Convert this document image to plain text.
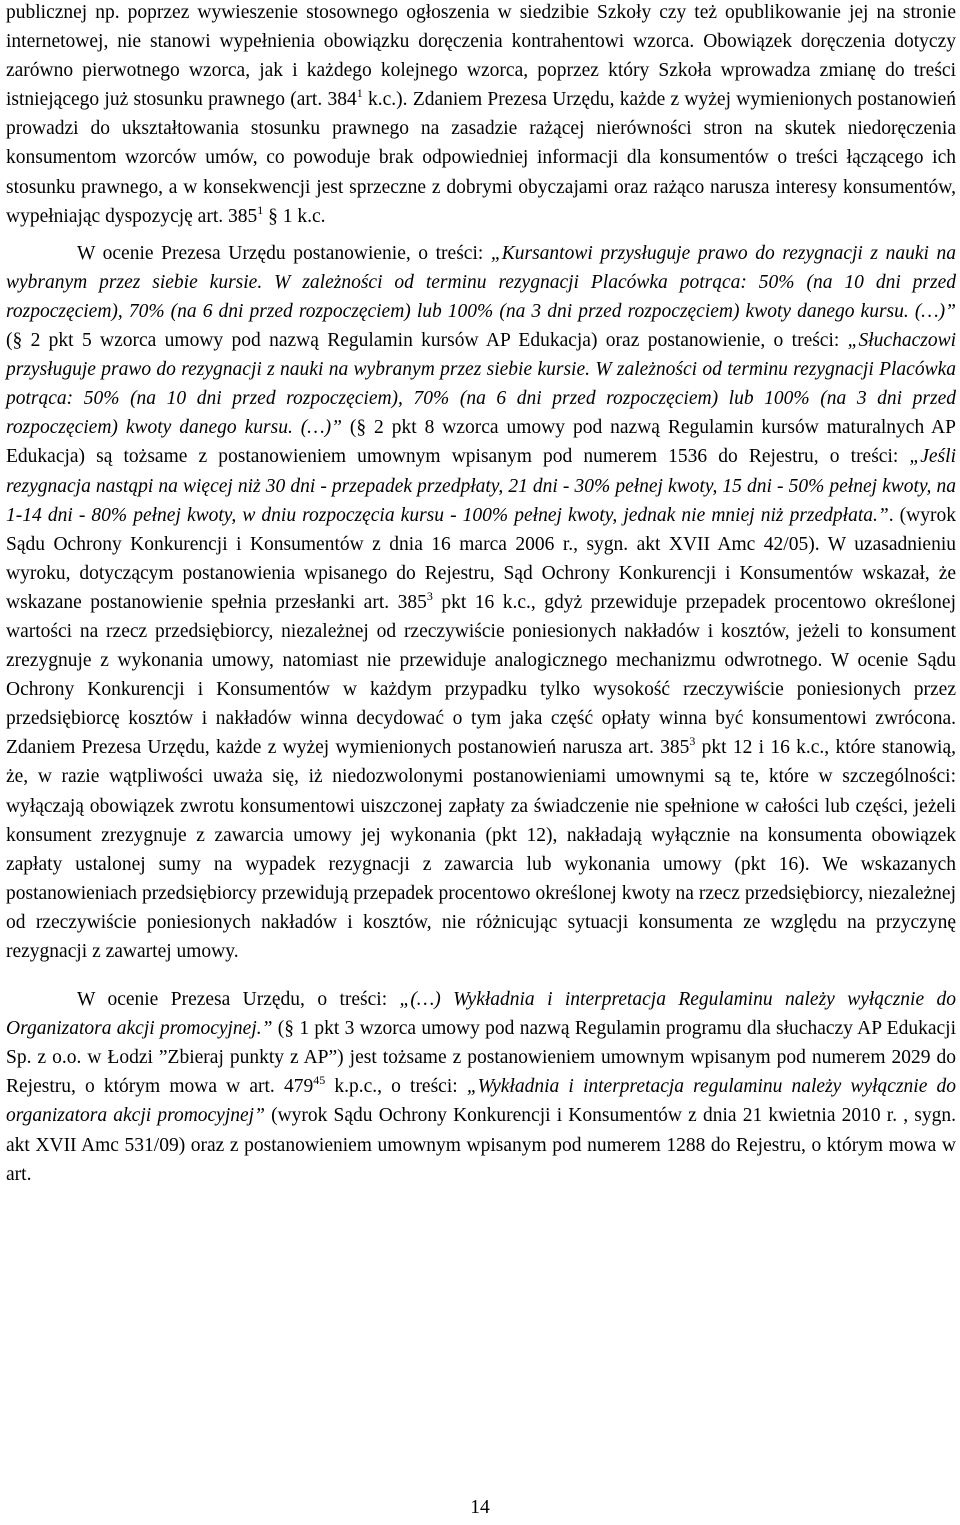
publicznej np. poprzez wywieszenie stosownego ogłoszenia w siedzibie Szkoły czy też opublikowanie jej na stronie internetowej, nie stanowi wypełnienia obowiązku doręczenia kontrahentowi wzorca. Obowiązek doręczenia dotyczy zarówno pierwotnego wzorca, jak i każdego kolejnego wzorca, poprzez który Szkoła wprowadza zmianę do treści istniejącego już stosunku prawnego (art. $384^1$ k.c.). Zdaniem Prezesa Urzędu, każde z wyżej wymienionych postanowień prowadzi do ukształtowania stosunku prawnego na zasadzie rażącej nierówności stron na skutek niedoręczenia konsumentom wzorców umów, co powoduje brak odpowiedniej informacji dla konsumentów o treści łączącego ich stosunku prawnego, a w konsekwencji jest sprzeczne z dobrymi obyczajami oraz rażąco narusza interesy konsumentów, wypełniając dyspozycję art. $385^1$ § 1 k.c.

W ocenie Prezesa Urzędu postanowienie, o treści: „Kursantowi przysługuje prawo do rezygnacji z nauki na wybranym przez siebie kursie. W zależności od terminu rezygnacji Placówka potrąca: 50% (na 10 dni przed rozpoczęciem), 70% (na 6 dni przed rozpoczęciem) lub 100% (na 3 dni przed rozpoczęciem) kwoty danego kursu. (…)” (§ 2 pkt 5 wzorca umowy pod nazwą Regulamin kursów AP Edukacja) oraz postanowienie, o treści: „Słuchaczowi przysługuje prawo do rezygnacji z nauki na wybranym przez siebie kursie. W zależności od terminu rezygnacji Placówka potrąca: 50% (na 10 dni przed rozpoczęciem), 70% (na 6 dni przed rozpoczęciem) lub 100% (na 3 dni przed rozpoczęciem) kwoty danego kursu. (…)” (§ 2 pkt 8 wzorca umowy pod nazwą Regulamin kursów maturalnych AP Edukacja) są tożsame z postanowieniem umownym wpisanym pod numerem 1536 do Rejestru, o treści: „Jeśli rezygnacja nastąpi na więcej niż 30 dni - przepadek przedpłaty, 21 dni - 30% pełnej kwoty, 15 dni - 50% pełnej kwoty, na 1-14 dni - 80% pełnej kwoty, w dniu rozpoczęcia kursu - 100% pełnej kwoty, jednak nie mniej niż przedpłata.”. (wyrok Sądu Ochrony Konkurencji i Konsumentów z dnia 16 marca 2006 r., sygn. akt XVII Amc 42/05). W uzasadnieniu wyroku, dotyczącym postanowienia wpisanego do Rejestru, Sąd Ochrony Konkurencji i Konsumentów wskazał, że wskazane postanowienie spełnia przesłanki art. $385^3$ pkt 16 k.c., gdyż przewiduje przepadek procentowo określonej wartości na rzecz przedsiębiorcy, niezależnej od rzeczywiście poniesionych nakładów i kosztów, jeżeli to konsument zrezygnuje z wykonania umowy, natomiast nie przewiduje analogicznego mechanizmu odwrotnego. W ocenie Sądu Ochrony Konkurencji i Konsumentów w każdym przypadku tylko wysokość rzeczywiście poniesionych przez przedsiębiorcę kosztów i nakładów winna decydować o tym jaka część opłaty winna być konsumentowi zwrócona. Zdaniem Prezesa Urzędu, każde z wyżej wymienionych postanowień narusza art. $385^3$ pkt 12 i 16 k.c., które stanowią, że, w razie wątpliwości uważa się, iż niedozwolonymi postanowieniami umownymi są te, które w szczególności: wyłączają obowiązek zwrotu konsumentowi uiszczonej zapłaty za świadczenie nie spełnione w całości lub części, jeżeli konsument zrezygnuje z zawarcia umowy jej wykonania (pkt 12), nakładają wyłącznie na konsumenta obowiązek zapłaty ustalonej sumy na wypadek rezygnacji z zawarcia lub wykonania umowy (pkt 16). We wskazanych postanowieniach przedsiębiorcy przewidują przepadek procentowo określonej kwoty na rzecz przedsiębiorcy, niezależnej od rzeczywiście poniesionych nakładów i kosztów, nie różnicując sytuacji konsumenta ze względu na przyczynę rezygnacji z zawartej umowy.

W ocenie Prezesa Urzędu, o treści: „(…) Wykładnia i interpretacja Regulaminu należy wyłącznie do Organizatora akcji promocyjnej.” (§ 1 pkt 3 wzorca umowy pod nazwą Regulamin programu dla słuchaczy AP Edukacji Sp. z o.o. w Łodzi ”Zbieraj punkty z AP”) jest tożsame z postanowieniem umownym wpisanym pod numerem 2029 do Rejestru, o którym mowa w art. $479^{45}$ k.p.c., o treści: „Wykładnia i interpretacja regulaminu należy wyłącznie do organizatora akcji promocyjnej” (wyrok Sądu Ochrony Konkurencji i Konsumentów z dnia 21 kwietnia 2010 r. , sygn. akt XVII Amc 531/09) oraz z postanowieniem umownym wpisanym pod numerem 1288 do Rejestru, o którym mowa w art.

14
